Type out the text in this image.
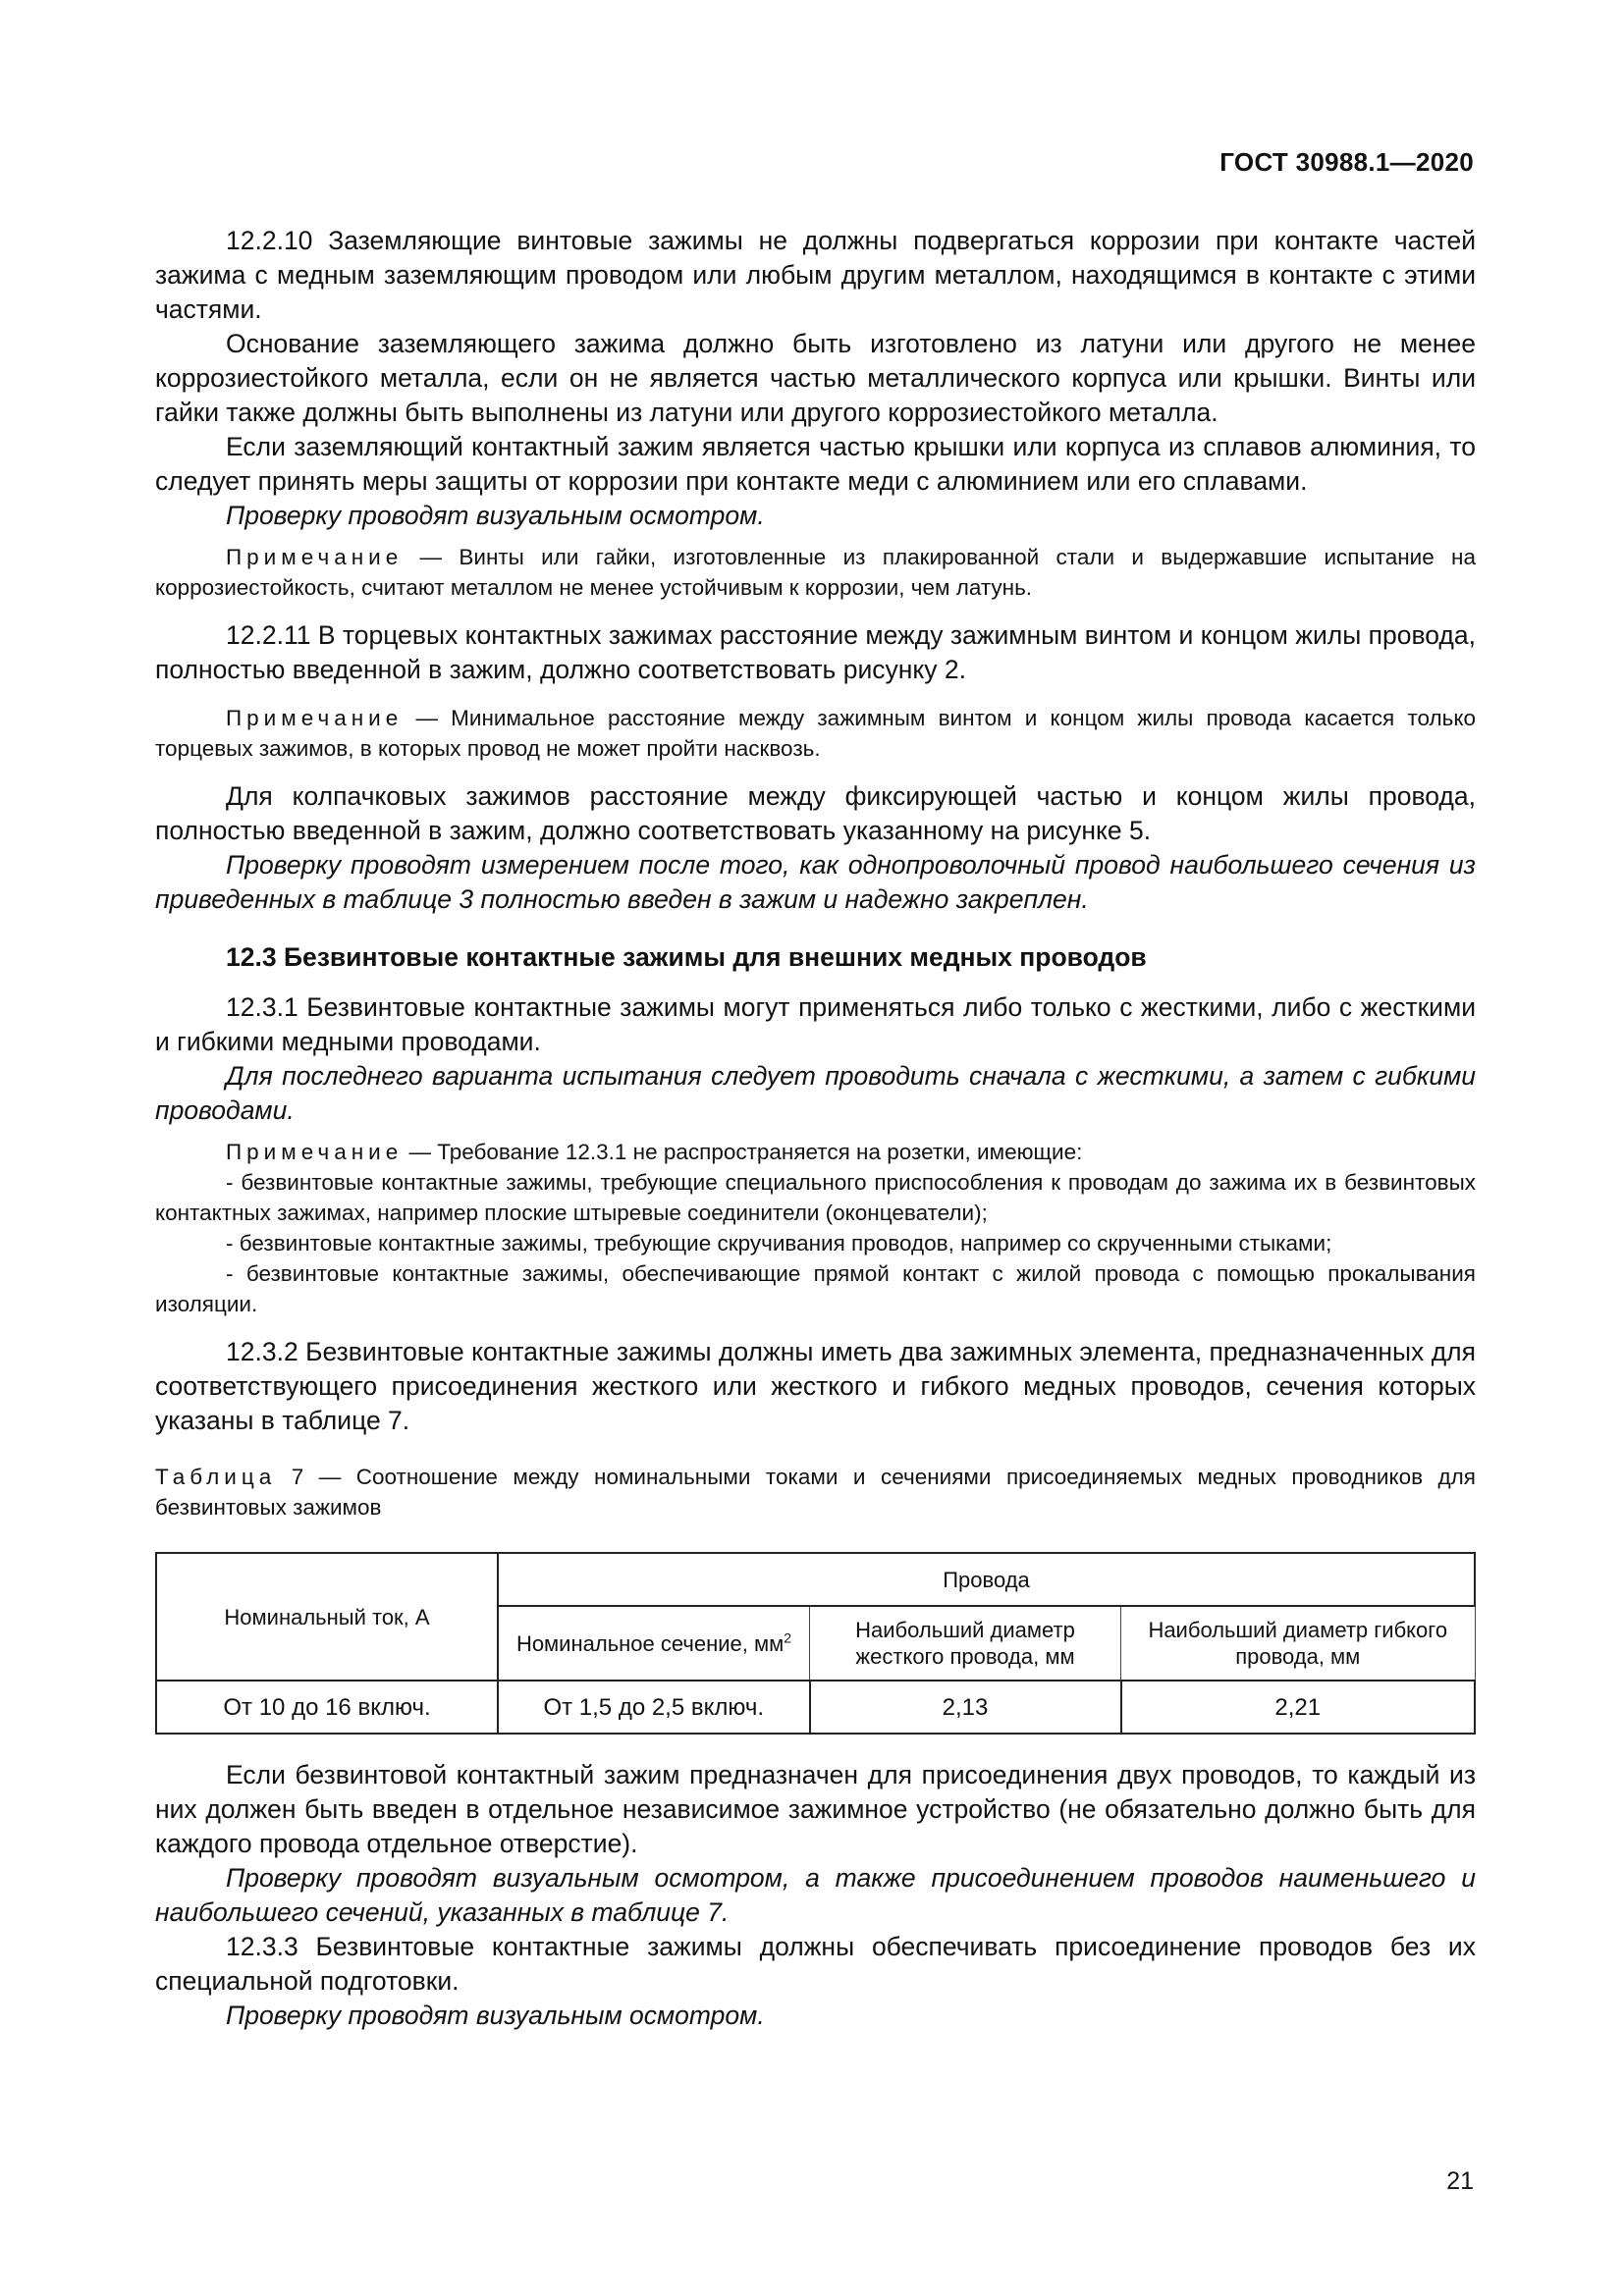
ГОСТ 30988.1—2020

12.2.10 Заземляющие винтовые зажимы не должны подвергаться коррозии при контакте частей зажима с медным заземляющим проводом или любым другим металлом, находящимся в контакте с этими частями.

Основание заземляющего зажима должно быть изготовлено из латуни или другого не менее коррозиестойкого металла, если он не является частью металлического корпуса или крышки. Винты или гайки также должны быть выполнены из латуни или другого коррозиестойкого металла.

Если заземляющий контактный зажим является частью крышки или корпуса из сплавов алюминия, то следует принять меры защиты от коррозии при контакте меди с алюминием или его сплавами.

Проверку проводят визуальным осмотром.

Примечание — Винты или гайки, изготовленные из плакированной стали и выдержавшие испытание на коррозиестойкость, считают металлом не менее устойчивым к коррозии, чем латунь.

12.2.11 В торцевых контактных зажимах расстояние между зажимным винтом и концом жилы провода, полностью введенной в зажим, должно соответствовать рисунку 2.

Примечание — Минимальное расстояние между зажимным винтом и концом жилы провода касается только торцевых зажимов, в которых провод не может пройти насквозь.

Для колпачковых зажимов расстояние между фиксирующей частью и концом жилы провода, полностью введенной в зажим, должно соответствовать указанному на рисунке 5.

Проверку проводят измерением после того, как однопроволочный провод наибольшего сечения из приведенных в таблице 3 полностью введен в зажим и надежно закреплен.

12.3 Безвинтовые контактные зажимы для внешних медных проводов

12.3.1 Безвинтовые контактные зажимы могут применяться либо только с жесткими, либо с жесткими и гибкими медными проводами.

Для последнего варианта испытания следует проводить сначала с жесткими, а затем с гибкими проводами.

Примечание — Требование 12.3.1 не распространяется на розетки, имеющие:

- безвинтовые контактные зажимы, требующие специального приспособления к проводам до зажима их в безвинтовых контактных зажимах, например плоские штыревые соединители (оконцеватели);

- безвинтовые контактные зажимы, требующие скручивания проводов, например со скрученными стыками;

- безвинтовые контактные зажимы, обеспечивающие прямой контакт с жилой провода с помощью прокалывания изоляции.

12.3.2 Безвинтовые контактные зажимы должны иметь два зажимных элемента, предназначенных для соответствующего присоединения жесткого или жесткого и гибкого медных проводов, сечения которых указаны в таблице 7.

Таблица 7 — Соотношение между номинальными токами и сечениями присоединяемых медных проводников для безвинтовых зажимов

Номинальный ток, А	Провода		
	Номинальное сечение, $мм^2$	Наибольший диаметр жесткого провода, мм	Наибольший диаметр гибкого провода, мм
От 10 до 16 включ.	От 1,5 до 2,5 включ.	2,13	2,21

Если безвинтовой контактный зажим предназначен для присоединения двух проводов, то каждый из них должен быть введен в отдельное независимое зажимное устройство (не обязательно должно быть для каждого провода отдельное отверстие).

Проверку проводят визуальным осмотром, а также присоединением проводов наименьшего и наибольшего сечений, указанных в таблице 7.

12.3.3 Безвинтовые контактные зажимы должны обеспечивать присоединение проводов без их специальной подготовки.

Проверку проводят визуальным осмотром.

21
